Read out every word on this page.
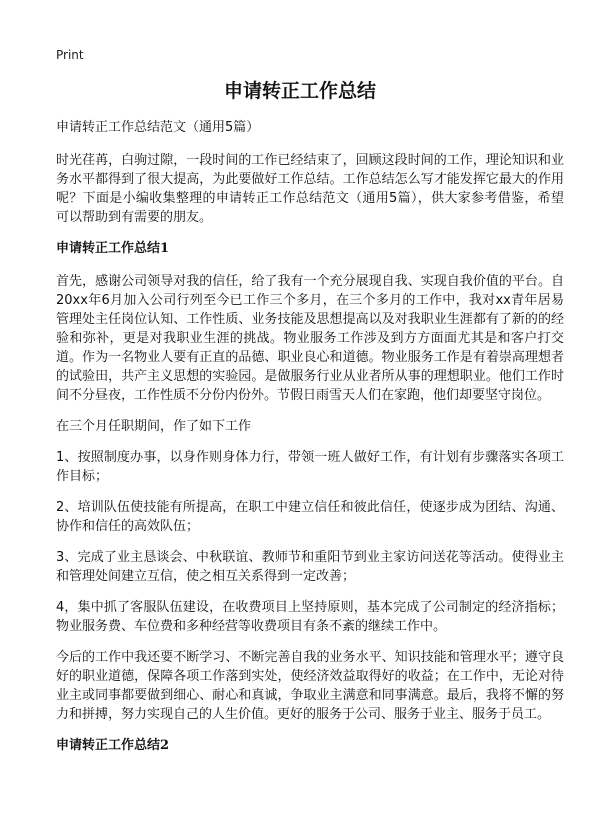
Print
申请转正工作总结

申请转正工作总结范文（通用5篇）

时光荏苒，白驹过隙，一段时间的工作已经结束了，回顾这段时间的工作，理论知识和业务水平都得到了很大提高，为此要做好工作总结。工作总结怎么写才能发挥它最大的作用呢？下面是小编收集整理的申请转正工作总结范文（通用5篇），供大家参考借鉴，希望可以帮助到有需要的朋友。

申请转正工作总结1

首先，感谢公司领导对我的信任，给了我有一个充分展现自我、实现自我价值的平台。自20xx年6月加入公司行列至今已工作三个多月，在三个多月的工作中，我对xx青年居易管理处主任岗位认知、工作性质、业务技能及思想提高以及对我职业生涯都有了新的的经验和弥补，更是对我职业生涯的挑战。物业服务工作涉及到方方面面尤其是和客户打交道。作为一名物业人要有正直的品德、职业良心和道德。物业服务工作是有着崇高理想者的试验田，共产主义思想的实验园。是做服务行业从业者所从事的理想职业。他们工作时间不分昼夜，工作性质不分份内份外。节假日雨雪天人们在家跑，他们却要坚守岗位。

在三个月任职期间，作了如下工作

1、按照制度办事，以身作则身体力行，带领一班人做好工作，有计划有步骤落实各项工作目标；

2、培训队伍使技能有所提高，在职工中建立信任和彼此信任，使逐步成为团结、沟通、协作和信任的高效队伍；

3、完成了业主恳谈会、中秋联谊、教师节和重阳节到业主家访问送花等活动。使得业主和管理处间建立互信，使之相互关系得到一定改善；

4，集中抓了客服队伍建设，在收费项目上坚持原则，基本完成了公司制定的经济指标；物业服务费、车位费和多种经营等收费项目有条不紊的继续工作中。

今后的工作中我还要不断学习、不断完善自我的业务水平、知识技能和管理水平；遵守良好的职业道德，保障各项工作落到实处，使经济效益取得好的收益；在工作中，无论对待业主或同事都要做到细心、耐心和真诚，争取业主满意和同事满意。最后，我将不懈的努力和拼搏，努力实现自己的人生价值。更好的服务于公司、服务于业主、服务于员工。

申请转正工作总结2
